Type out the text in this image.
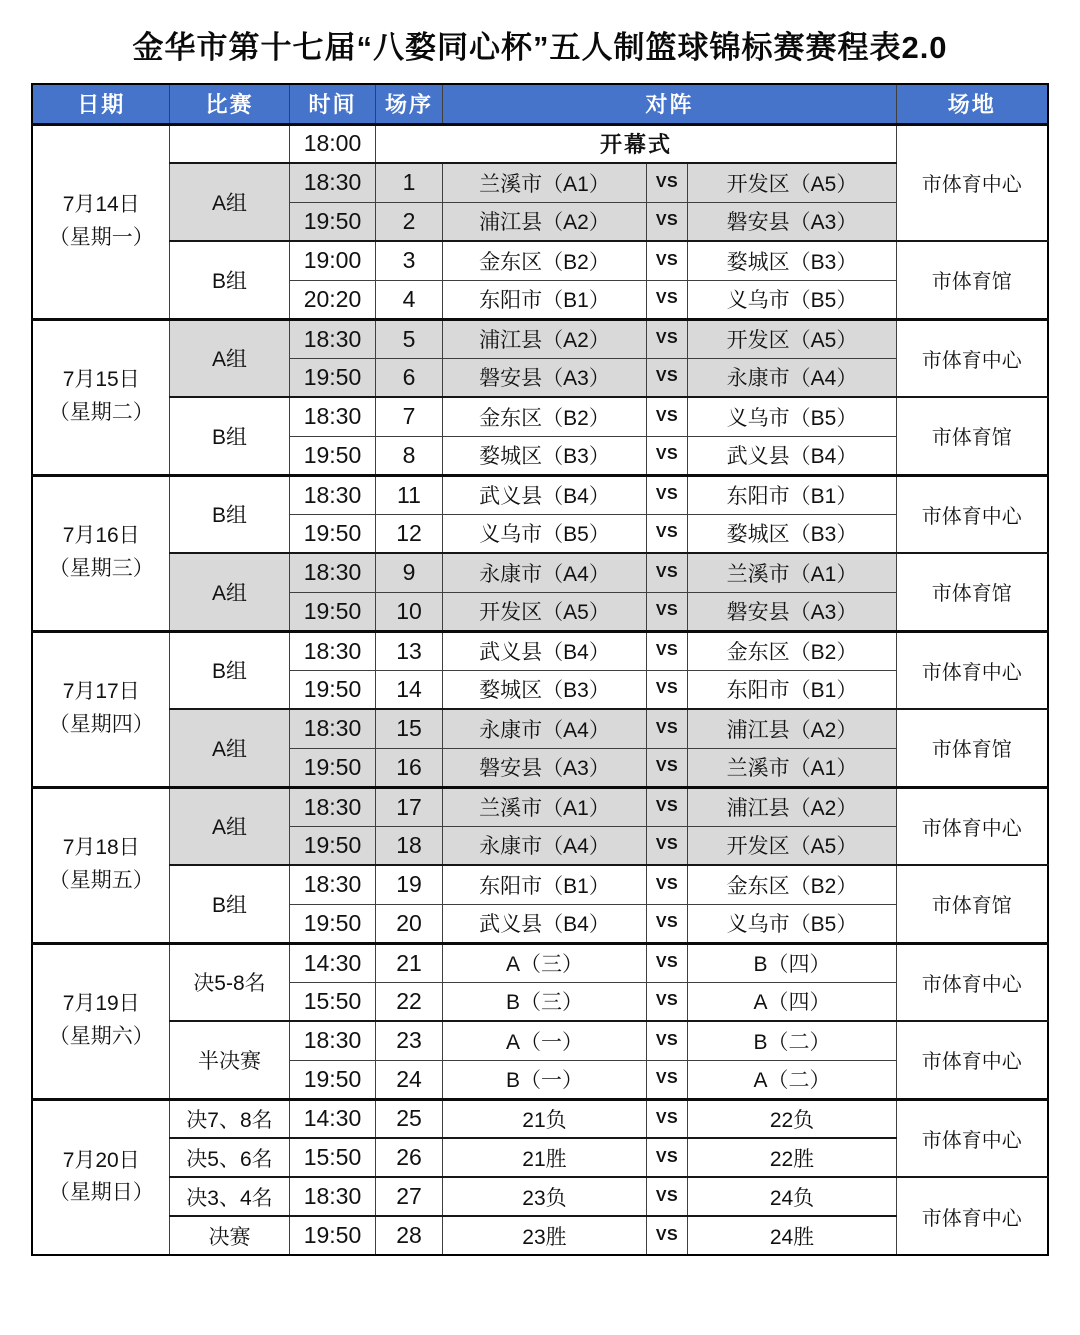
金华市第十七届“八婺同心杯”五人制篮球锦标赛赛程表2.0
日期	比赛	时间	场序	对阵			场地

7月14日
（星期一）		18:00	开幕式				市体育中心
	A组	18:30	1	兰溪市（A1）	VS	开发区（A5）	
		19:50	2	浦江县（A2）	VS	磐安县（A3）	
	B组	19:00	3	金东区（B2）	VS	婺城区（B3）	市体育馆
		20:20	4	东阳市（B1）	VS	义乌市（B5）	

7月15日
（星期二）	A组	18:30	5	浦江县（A2）	VS	开发区（A5）	市体育中心
		19:50	6	磐安县（A3）	VS	永康市（A4）	
	B组	18:30	7	金东区（B2）	VS	义乌市（B5）	市体育馆
		19:50	8	婺城区（B3）	VS	武义县（B4）	

7月16日
（星期三）	B组	18:30	11	武义县（B4）	VS	东阳市（B1）	市体育中心
		19:50	12	义乌市（B5）	VS	婺城区（B3）	
	A组	18:30	9	永康市（A4）	VS	兰溪市（A1）	市体育馆
		19:50	10	开发区（A5）	VS	磐安县（A3）	

7月17日
（星期四）	B组	18:30	13	武义县（B4）	VS	金东区（B2）	市体育中心
		19:50	14	婺城区（B3）	VS	东阳市（B1）	
	A组	18:30	15	永康市（A4）	VS	浦江县（A2）	市体育馆
		19:50	16	磐安县（A3）	VS	兰溪市（A1）	

7月18日
（星期五）	A组	18:30	17	兰溪市（A1）	VS	浦江县（A2）	市体育中心
		19:50	18	永康市（A4）	VS	开发区（A5）	
	B组	18:30	19	东阳市（B1）	VS	金东区（B2）	市体育馆
		19:50	20	武义县（B4）	VS	义乌市（B5）	

7月19日
（星期六）	决5-8名	14:30	21	A（三）	VS	B（四）	市体育中心
		15:50	22	B（三）	VS	A（四）	
	半决赛	18:30	23	A（一）	VS	B（二）	市体育中心
		19:50	24	B（一）	VS	A（二）	

7月20日
（星期日）	决7、8名	14:30	25	21负	VS	22负	市体育中心
	决5、6名	15:50	26	21胜	VS	22胜	
	决3、4名	18:30	27	23负	VS	24负	市体育中心
	决赛	19:50	28	23胜	VS	24胜	
